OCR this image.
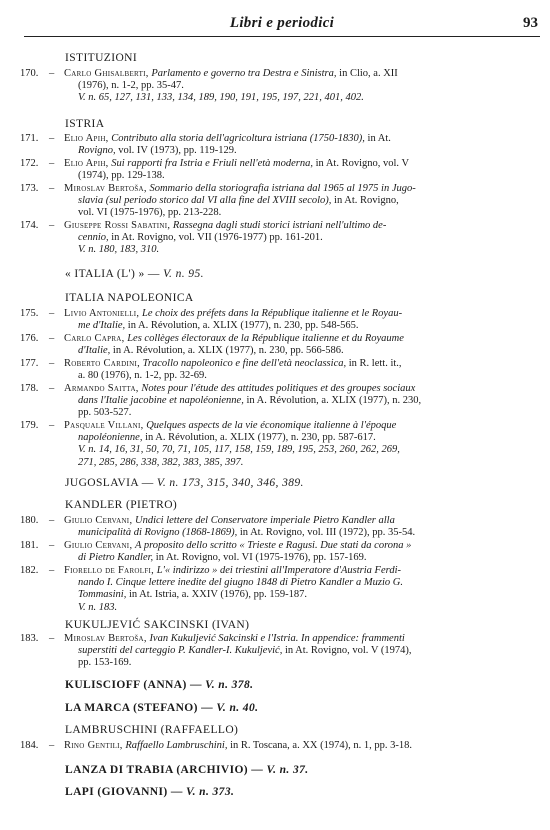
Libri e periodici	93
ISTITUZIONI
170.	– Carlo Ghisalberti, Parlamento e governo tra Destra e Sinistra, in Clio, a. XII
(1976), n. 1-2, pp. 35-47.
V. n. 65, 127, 131, 133, 134, 189, 190, 191, 195, 197, 221, 401, 402.
ISTRIA
171.	– Elio Apih, Contributo alla storia dell'agricoltura istriana (1750-1830), in At.
Rovigno, vol. IV (1973), pp. 119-129.
172.	– Elio Apih, Sui rapporti fra Istria e Friuli nell'età moderna, in At. Rovigno, vol. V
(1974), pp. 129-138.
173.	– Miroslav Bertoša, Sommario della storiografia istriana dal 1965 al 1975 in Jugo-
slavia (sul periodo storico dal VI alla fine del XVIII secolo), in At. Rovigno,
vol. VI (1975-1976), pp. 213-228.
174.	– Giuseppe Rossi Sabatini, Rassegna dagli studi storici istriani nell'ultimo de-
cennio, in At. Rovigno, vol. VII (1976-1977) pp. 161-201.
V. n. 180, 183, 310.
« ITALIA (L') » — V. n. 95.
ITALIA NAPOLEONICA
175.	– Livio Antonielli, Le choix des préfets dans la République italienne et le Royau-
me d'Italie, in A. Révolution, a. XLIX (1977), n. 230, pp. 548-565.
176.	– Carlo Capra, Les collèges électoraux de la République italienne et du Royaume
d'Italie, in A. Révolution, a. XLIX (1977), n. 230, pp. 566-586.
177.	– Roberto Cardini, Tracollo napoleonico e fine dell'età neoclassica, in R. lett. it.,
a. 80 (1976), n. 1-2, pp. 32-69.
178.	– Armando Saitta, Notes pour l'étude des attitudes politiques et des groupes sociaux
dans l'Italie jacobine et napoléonienne, in A. Révolution, a. XLIX (1977), n. 230,
pp. 503-527.
179.	– Pasquale Villani, Quelques aspects de la vie économique italienne à l'époque
napoléonienne, in A. Révolution, a. XLIX (1977), n. 230, pp. 587-617.
V. n. 14, 16, 31, 50, 70, 71, 105, 117, 158, 159, 189, 195, 253, 260, 262, 269,
271, 285, 286, 338, 382, 383, 385, 397.
JUGOSLAVIA — V. n. 173, 315, 340, 346, 389.
KANDLER (PIETRO)
180.	– Giulio Cervani, Undici lettere del Conservatore imperiale Pietro Kandler alla
municipalità di Rovigno (1868-1869), in At. Rovigno, vol. III (1972), pp. 35-54.
181.	– Giulio Cervani, A proposito dello scritto « Trieste e Ragusi. Due stati da corona »
di Pietro Kandler, in At. Rovigno, vol. VI (1975-1976), pp. 157-169.
182.	– Fiorello de Farolfi, L'« indirizzo » dei triestini all'Imperatore d'Austria Ferdi-
nando I. Cinque lettere inedite del giugno 1848 di Pietro Kandler a Muzio G.
Tommasini, in At. Istria, a. XXIV (1976), pp. 159-187.
V. n. 183.
KUKULJEVIĆ SAKCINSKI (IVAN)
183.	– Miroslav Bertoša, Ivan Kukuljević Sakcinski e l'Istria. In appendice: frammenti
superstiti del carteggio P. Kandler-I. Kukuljević, in At. Rovigno, vol. V (1974),
pp. 153-169.
KULISCIOFF (ANNA) — V. n. 378.
LA MARCA (STEFANO) — V. n. 40.
LAMBRUSCHINI (RAFFAELLO)
184.	– Rino Gentili, Raffaello Lambruschini, in R. Toscana, a. XX (1974), n. 1, pp. 3-18.
LANZA DI TRABIA (ARCHIVIO) — V. n. 37.
LAPI (GIOVANNI) — V. n. 373.
